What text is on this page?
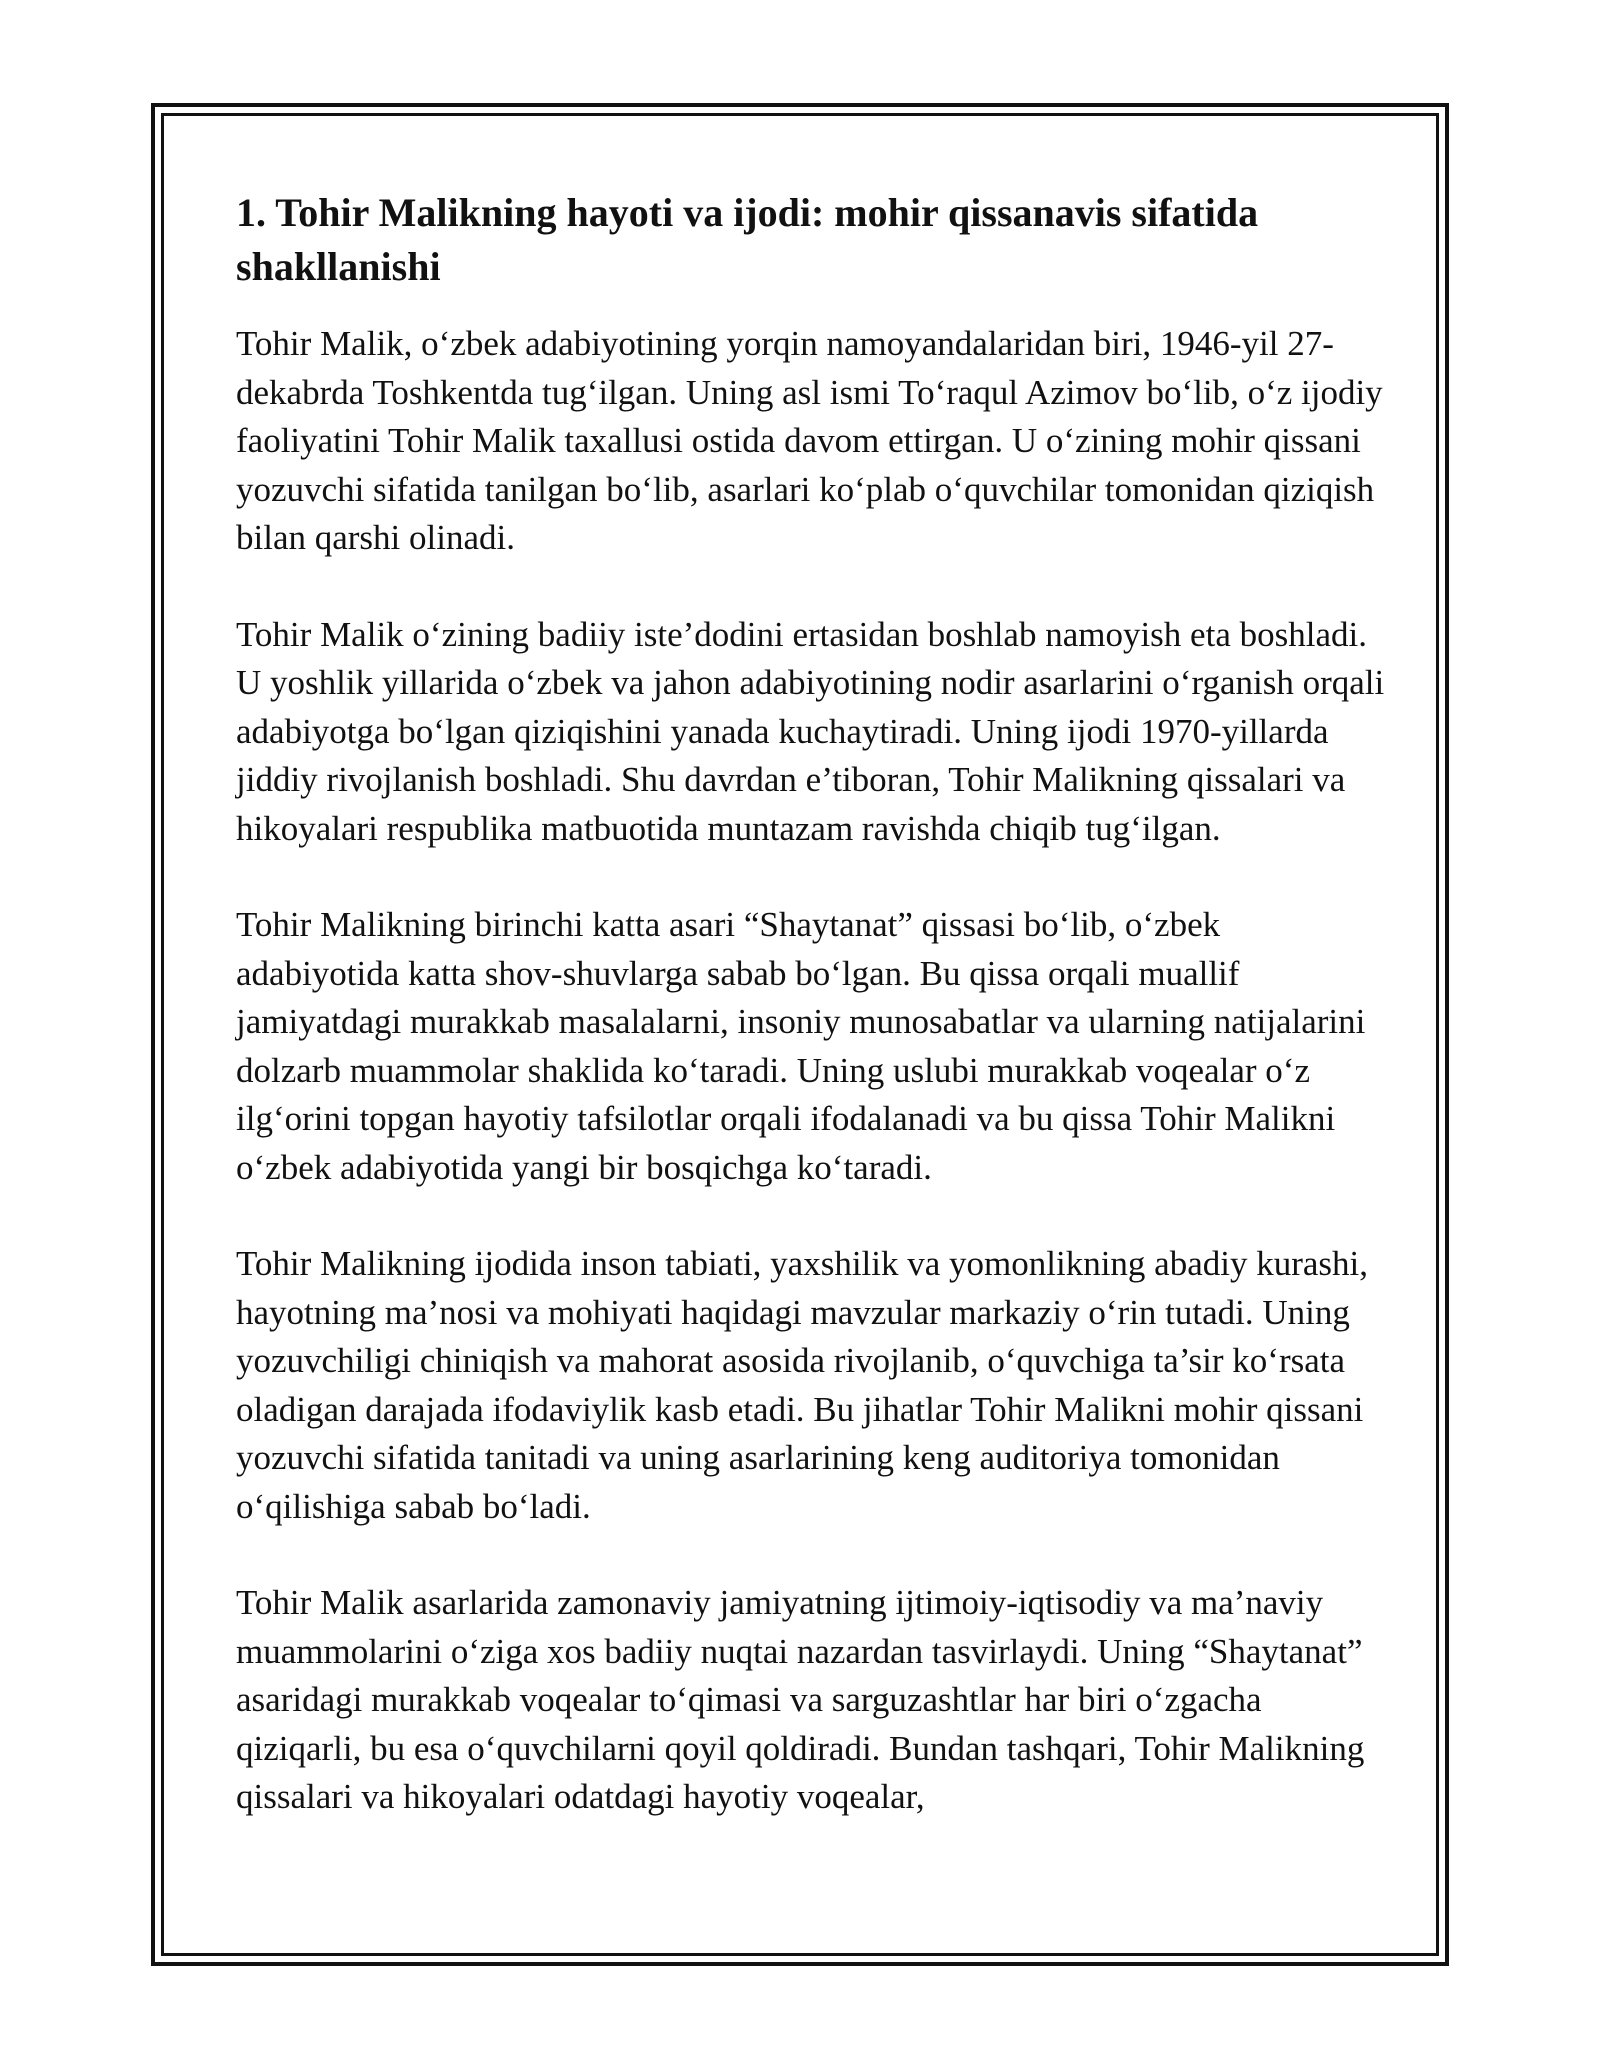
1. Tohir Malikning hayoti va ijodi: mohir qissanavis sifatida shakllanishi

Tohir Malik, o‘zbek adabiyotining yorqin namoyandalaridan biri, 1946-yil 27-dekabrda Toshkentda tug‘ilgan. Uning asl ismi To‘raqul Azimov bo‘lib, o‘z ijodiy faoliyatini Tohir Malik taxallusi ostida davom ettirgan. U o‘zining mohir qissani yozuvchi sifatida tanilgan bo‘lib, asarlari ko‘plab o‘quvchilar tomonidan qiziqish bilan qarshi olinadi.

Tohir Malik o‘zining badiiy iste’dodini ertasidan boshlab namoyish eta boshladi. U yoshlik yillarida o‘zbek va jahon adabiyotining nodir asarlarini o‘rganish orqali adabiyotga bo‘lgan qiziqishini yanada kuchaytiradi. Uning ijodi 1970-yillarda jiddiy rivojlanish boshladi. Shu davrdan e’tiboran, Tohir Malikning qissalari va hikoyalari respublika matbuotida muntazam ravishda chiqib tug‘ilgan.

Tohir Malikning birinchi katta asari “Shaytanat” qissasi bo‘lib, o‘zbek adabiyotida katta shov-shuvlarga sabab bo‘lgan. Bu qissa orqali muallif jamiyatdagi murakkab masalalarni, insoniy munosabatlar va ularning natijalarini dolzarb muammolar shaklida ko‘taradi. Uning uslubi murakkab voqealar o‘z ilg‘orini topgan hayotiy tafsilotlar orqali ifodalanadi va bu qissa Tohir Malikni o‘zbek adabiyotida yangi bir bosqichga ko‘taradi.

Tohir Malikning ijodida inson tabiati, yaxshilik va yomonlikning abadiy kurashi, hayotning ma’nosi va mohiyati haqidagi mavzular markaziy o‘rin tutadi. Uning yozuvchiligi chiniqish va mahorat asosida rivojlanib, o‘quvchiga ta’sir ko‘rsata oladigan darajada ifodaviylik kasb etadi. Bu jihatlar Tohir Malikni mohir qissani yozuvchi sifatida tanitadi va uning asarlarining keng auditoriya tomonidan o‘qilishiga sabab bo‘ladi.

Tohir Malik asarlarida zamonaviy jamiyatning ijtimoiy-iqtisodiy va ma’naviy muammolarini o‘ziga xos badiiy nuqtai nazardan tasvirlaydi. Uning “Shaytanat” asaridagi murakkab voqealar to‘qimasi va sarguzashtlar har biri o‘zgacha qiziqarli, bu esa o‘quvchilarni qoyil qoldiradi. Bundan tashqari, Tohir Malikning qissalari va hikoyalari odatdagi hayotiy voqealar,
